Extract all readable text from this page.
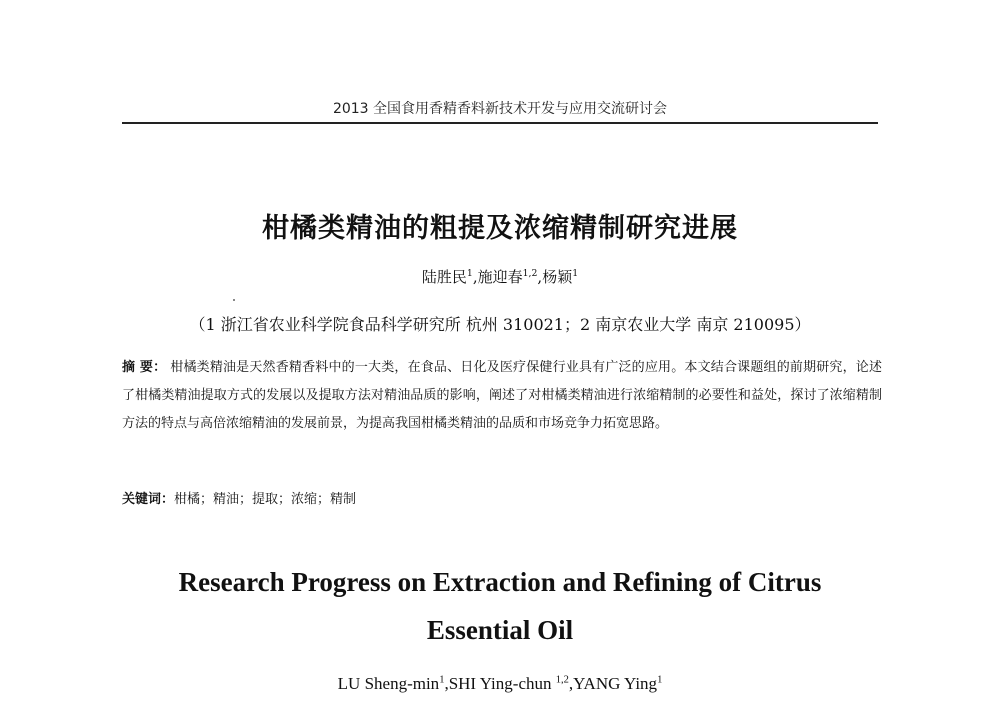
2013 全国食用香精香料新技术开发与应用交流研讨会
柑橘类精油的粗提及浓缩精制研究进展
陆胜民$^1$,施迎春$^{1,2}$,杨颖$^1$
（1 浙江省农业科学院食品科学研究所 杭州 310021；2 南京农业大学 南京 210095）
摘 要： 柑橘类精油是天然香精香料中的一大类，在食品、日化及医疗保健行业具有广泛的应用。本文结合课题组的前期研究，论述了柑橘类精油提取方式的发展以及提取方法对精油品质的影响，阐述了对柑橘类精油进行浓缩精制的必要性和益处，探讨了浓缩精制方法的特点与高倍浓缩精油的发展前景，为提高我国柑橘类精油的品质和市场竞争力拓宽思路。
关键词：柑橘；精油；提取；浓缩；精制
Research Progress on Extraction and Refining of Citrus
Essential Oil
LU Sheng-$\min^1,SHI$ Ying-chun $^{1,2}$,YANG Ying$^1$
